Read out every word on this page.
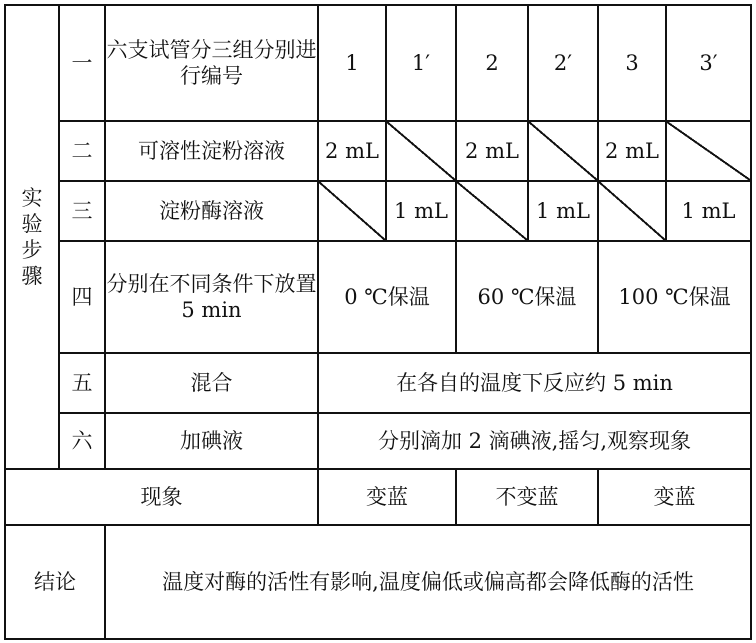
实验步骤	一	六支试管分三组分别进行编号	1	1′	2	2′	3	3′
	二	可溶性淀粉溶液	2 mL		2 mL		2 mL	
	三	淀粉酶溶液		1 mL		1 mL		1 mL
	四	分别在不同条件下放置 5 min	0 ℃保温		60 ℃保温		100 ℃保温	
	五	混合	在各自的温度下反应约 5 min					
	六	加碘液	分别滴加 2 滴碘液,摇匀,观察现象					
现象			变蓝		不变蓝		变蓝	
结论		温度对酶的活性有影响,温度偏低或偏高都会降低酶的活性						
